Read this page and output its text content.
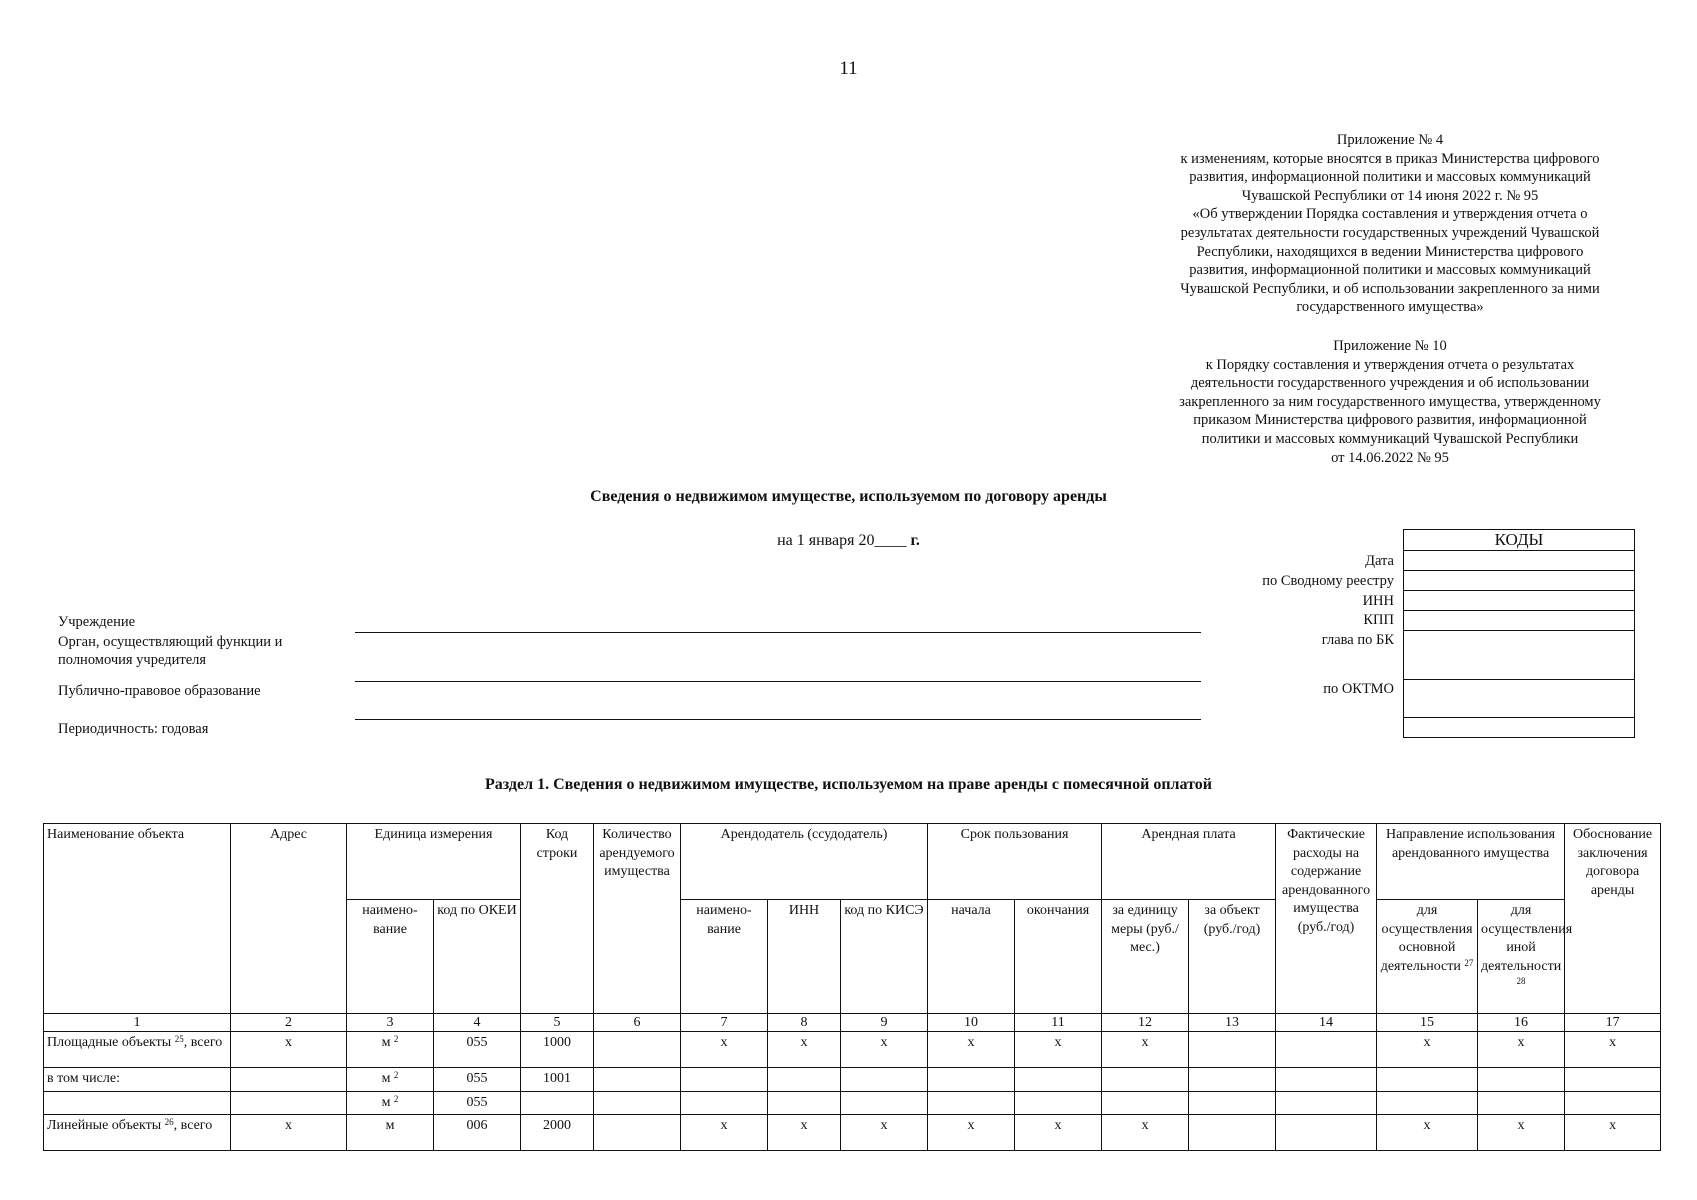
11
Приложение № 4
к изменениям, которые вносятся в приказ Министерства цифрового
развития, информационной политики и массовых коммуникаций
Чувашской Республики от 14 июня 2022 г. № 95
«Об утверждении Порядка составления и утверждения отчета о
результатах деятельности государственных учреждений Чувашской
Республики, находящихся в ведении Министерства цифрового
развития, информационной политики и массовых коммуникаций
Чувашской Республики, и об использовании закрепленного за ними
государственного имущества»
Приложение № 10
к Порядку составления и утверждения отчета о результатах
деятельности государственного учреждения и об использовании
закрепленного за ним государственного имущества, утвержденному
приказом Министерства цифрового развития, информационной
политики и массовых коммуникаций Чувашской Республики
от 14.06.2022 № 95
Сведения о недвижимом имуществе, используемом по договору аренды
на 1 января 20____ г.
Дата
по Сводному реестру
ИНН
КПП
глава по БК
по ОКТМО
КОДЫ

Учреждение
Орган, осуществляющий функции и
полномочия учредителя
Публично-правовое образование
Периодичность: годовая
Раздел 1. Сведения о недвижимом имуществе, используемом на праве аренды с помесячной оплатой
Наименование объекта	Адрес	Единица измерения		Код строки	Количество арендуемого имущества	Арендодатель (ссудодатель)			Срок пользования		Арендная плата		Фактические расходы на содержание арендованного имущества (руб./год)	Направление использования арендованного имущества		Обоснование заключения договора аренды
		наименование	код по ОКЕИ			наименование	ИНН	код по КИСЭ	начала	окончания	за единицу меры (руб./мес.)	за объект (руб./год)		для осуществления основной деятельности $^{27}$	для осуществления иной деятельности $^{28}$
1	2	3	4	5	6	7	8	9	10	11	12	13	14	15	16	17
Площадные объекты $^{25}$, всего	x	м $^2$	055	1000		x	x	x	x	x	x			x	x	x
в том числе:		м $^2$	055	1001												
		м $^2$	055													
Линейные объекты $^{26}$, всего	x	м	006	2000		x	x	x	x	x	x			x	x	x
